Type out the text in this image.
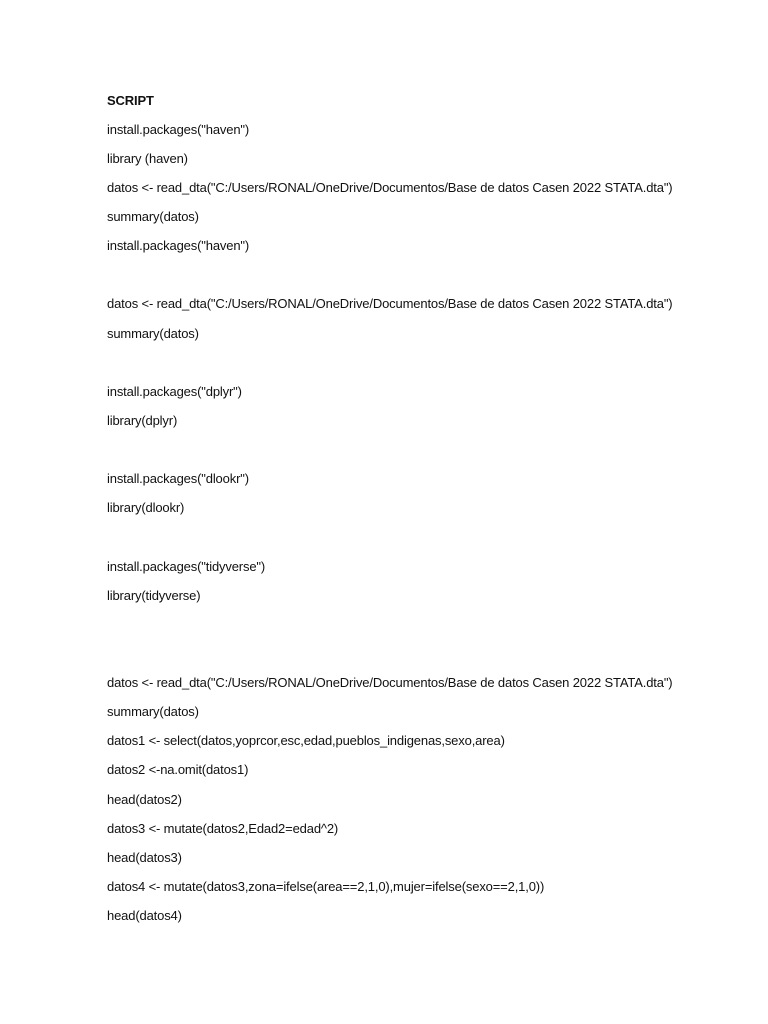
SCRIPT
install.packages("haven")
library (haven)
datos <- read_dta("C:/Users/RONAL/OneDrive/Documentos/Base de datos Casen 2022 STATA.dta")
summary(datos)
install.packages("haven")
datos <- read_dta("C:/Users/RONAL/OneDrive/Documentos/Base de datos Casen 2022 STATA.dta")
summary(datos)
install.packages("dplyr")
library(dplyr)
install.packages("dlookr")
library(dlookr)
install.packages("tidyverse")
library(tidyverse)
datos <- read_dta("C:/Users/RONAL/OneDrive/Documentos/Base de datos Casen 2022 STATA.dta")
summary(datos)
datos1 <- select(datos,yoprcor,esc,edad,pueblos_indigenas,sexo,area)
datos2 <-na.omit(datos1)
head(datos2)
datos3 <- mutate(datos2,Edad2=edad^2)
head(datos3)
datos4 <- mutate(datos3,zona=ifelse(area==2,1,0),mujer=ifelse(sexo==2,1,0))
head(datos4)
